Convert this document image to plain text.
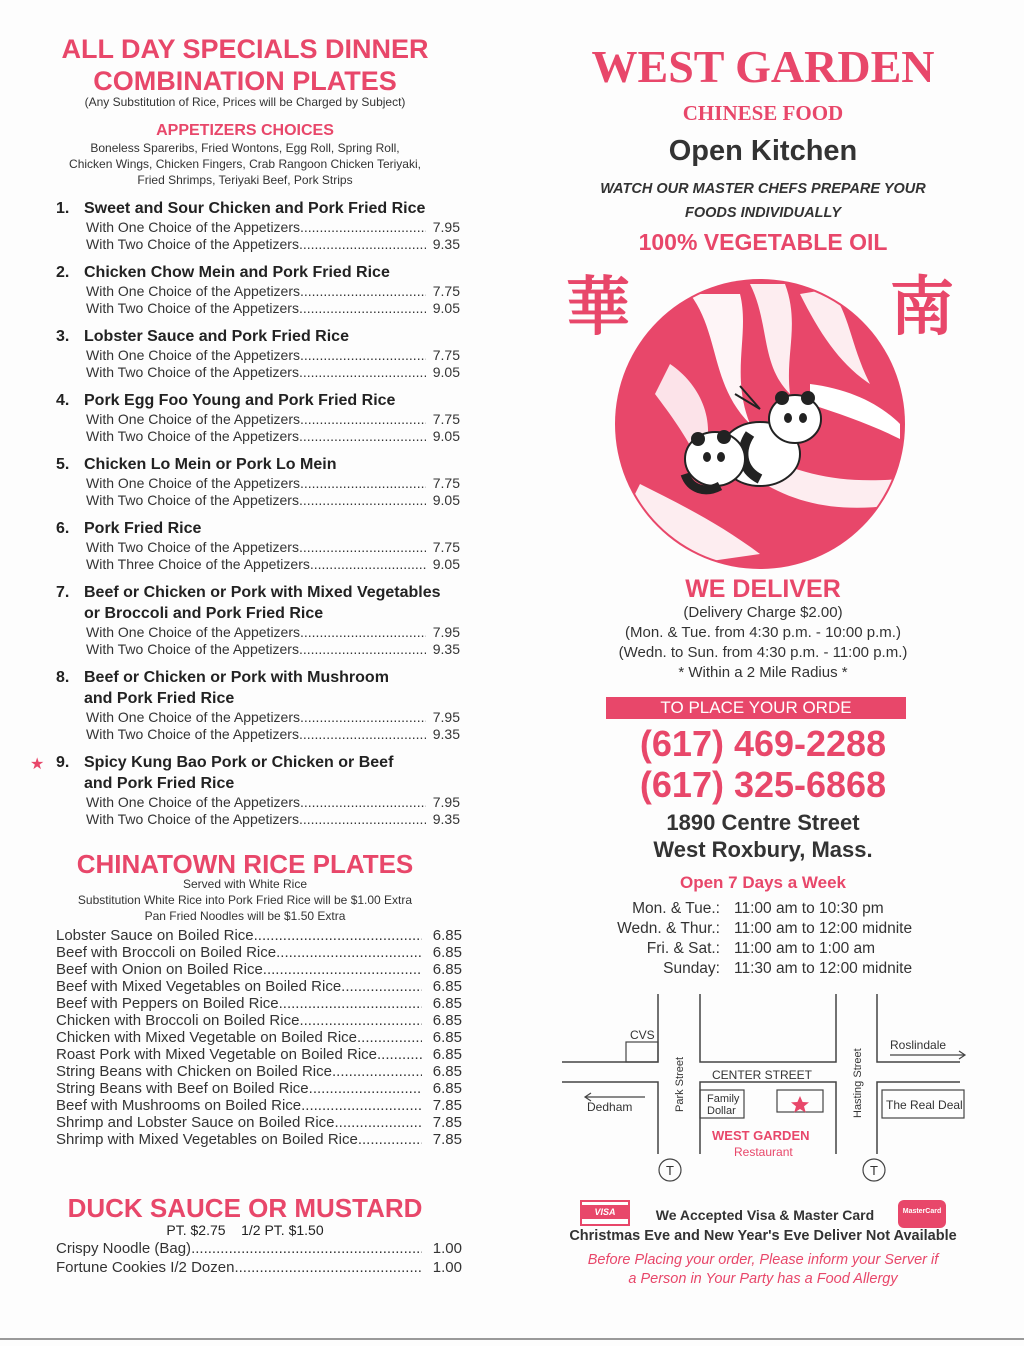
ALL DAY SPECIALS DINNER
COMBINATION PLATES
(Any Substitution of Rice, Prices will be Charged by Subject)
APPETIZERS CHOICES
Boneless Spareribs, Fried Wontons, Egg Roll, Spring Roll,
Chicken Wings, Chicken Fingers, Crab Rangoon Chicken Teriyaki,
Fried Shrimps, Teriyaki Beef, Pork Strips
1. Sweet and Sour Chicken and Pork Fried Rice
With One Choice of the Appetizers .....	7.95
With Two Choice of the Appetizers .....	9.35
2. Chicken Chow Mein and Pork Fried Rice
With One Choice of the Appetizers .....	7.75
With Two Choice of the Appetizers .....	9.05
3. Lobster Sauce and Pork Fried Rice
With One Choice of the Appetizers .....	7.75
With Two Choice of the Appetizers .....	9.05
4. Pork Egg Foo Young and Pork Fried Rice
With One Choice of the Appetizers .....	7.75
With Two Choice of the Appetizers .....	9.05
5. Chicken Lo Mein or Pork Lo Mein
With One Choice of the Appetizers .....	7.75
With Two Choice of the Appetizers .....	9.05
6. Pork Fried Rice
With Two Choice of the Appetizers .....	7.75
With Three Choice of the Appetizers .....	9.05
7. Beef or Chicken or Pork with Mixed Vegetables
or Broccoli and Pork Fried Rice
With One Choice of the Appetizers .....	7.95
With Two Choice of the Appetizers .....	9.35
8. Beef or Chicken or Pork with Mushroom
and Pork Fried Rice
With One Choice of the Appetizers .....	7.95
With Two Choice of the Appetizers .....	9.35
★ 9. Spicy Kung Bao Pork or Chicken or Beef
and Pork Fried Rice
With One Choice of the Appetizers .....	7.95
With Two Choice of the Appetizers .....	9.35
CHINATOWN RICE PLATES
Served with White Rice
Substitution White Rice into Pork Fried Rice will be $1.00 Extra
Pan Fried Noodles will be $1.50 Extra
Lobster Sauce on Boiled Rice .....	6.85
Beef with Broccoli on Boiled Rice .....	6.85
Beef with Onion on Boiled Rice .....	6.85
Beef with Mixed Vegetables on Boiled Rice .....	6.85
Beef with Peppers on Boiled Rice .....	6.85
Chicken with Broccoli on Boiled Rice .....	6.85
Chicken with Mixed Vegetable on Boiled Rice .....	6.85
Roast Pork with Mixed Vegetable on Boiled Rice .....	6.85
String Beans with Chicken on Boiled Rice .....	6.85
String Beans with Beef on Boiled Rice .....	6.85
Beef with Mushrooms on Boiled Rice .....	7.85
Shrimp and Lobster Sauce on Boiled Rice .....	7.85
Shrimp with Mixed Vegetables on Boiled Rice .....	7.85
DUCK SAUCE OR MUSTARD
PT. $2.75    1/2 PT. $1.50
Crispy Noodle (Bag) .....	1.00
Fortune Cookies I/2 Dozen .....	1.00
WEST GARDEN
CHINESE FOOD
Open Kitchen
WATCH OUR MASTER CHEFS PREPARE YOUR
FOODS INDIVIDUALLY
100% VEGETABLE OIL
華	南
WE DELIVER
(Delivery Charge $2.00)
(Mon. & Tue. from 4:30 p.m. - 10:00 p.m.)
(Wedn. to Sun. from 4:30 p.m. - 11:00 p.m.)
* Within a 2 Mile Radius *
TO PLACE YOUR ORDE
(617) 469-2288
(617) 325-6868
1890 Centre Street
West Roxbury, Mass.
Open 7 Days a Week
Mon. & Tue.: 11:00 am to 10:30 pm
Wedn. & Thur.: 11:00 am to 12:00 midnite
Fri. & Sat.: 11:00 am to 1:00 am
Sunday: 11:30 am to 12:00 midnite
CVS
Roslindale
CENTER STREET
Dedham
Family
Dollar	The Real Deal
WEST GARDEN
Restaurant
Park Street	Hasting Street
T	T
VISA	MasterCard
We Accepted Visa & Master Card
Christmas Eve and New Year's Eve Deliver Not Available
Before Placing your order, Please inform your Server if
a Person in Your Party has a Food Allergy
